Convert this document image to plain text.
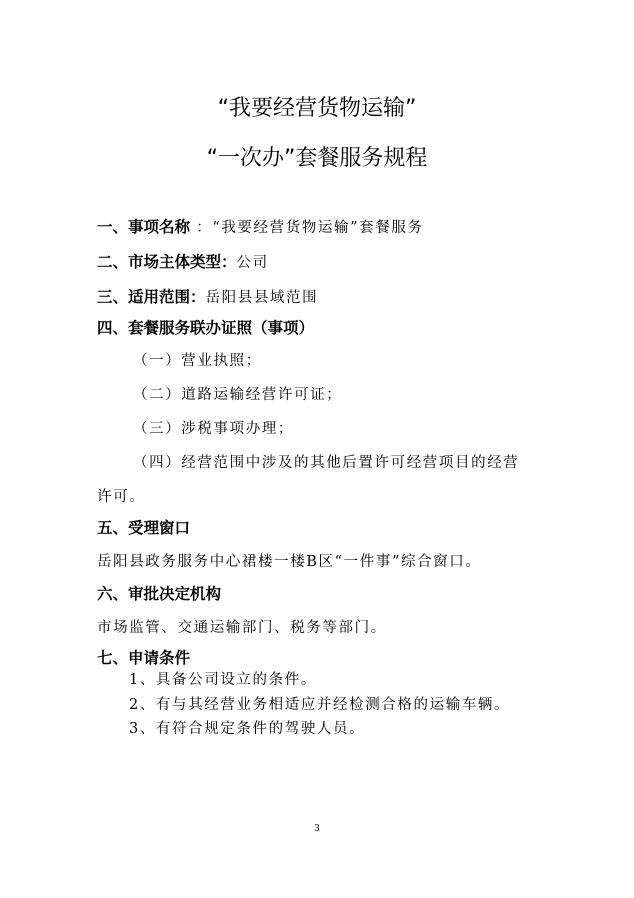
“我要经营货物运输”
“一次办”套餐服务规程
一、事项名称 ：“我要经营货物运输”套餐服务
二、市场主体类型：公司
三、适用范围：岳阳县县域范围
四、套餐服务联办证照（事项）
（一）营业执照；
（二）道路运输经营许可证；
（三）涉税事项办理；
（四）经营范围中涉及的其他后置许可经营项目的经营
许可。
五、受理窗口
岳阳县政务服务中心裙楼一楼B区“一件事”综合窗口。
六、审批决定机构
市场监管、交通运输部门、税务等部门。
七、申请条件
1、具备公司设立的条件。
2、有与其经营业务相适应并经检测合格的运输车辆。
3、有符合规定条件的驾驶人员。
3
